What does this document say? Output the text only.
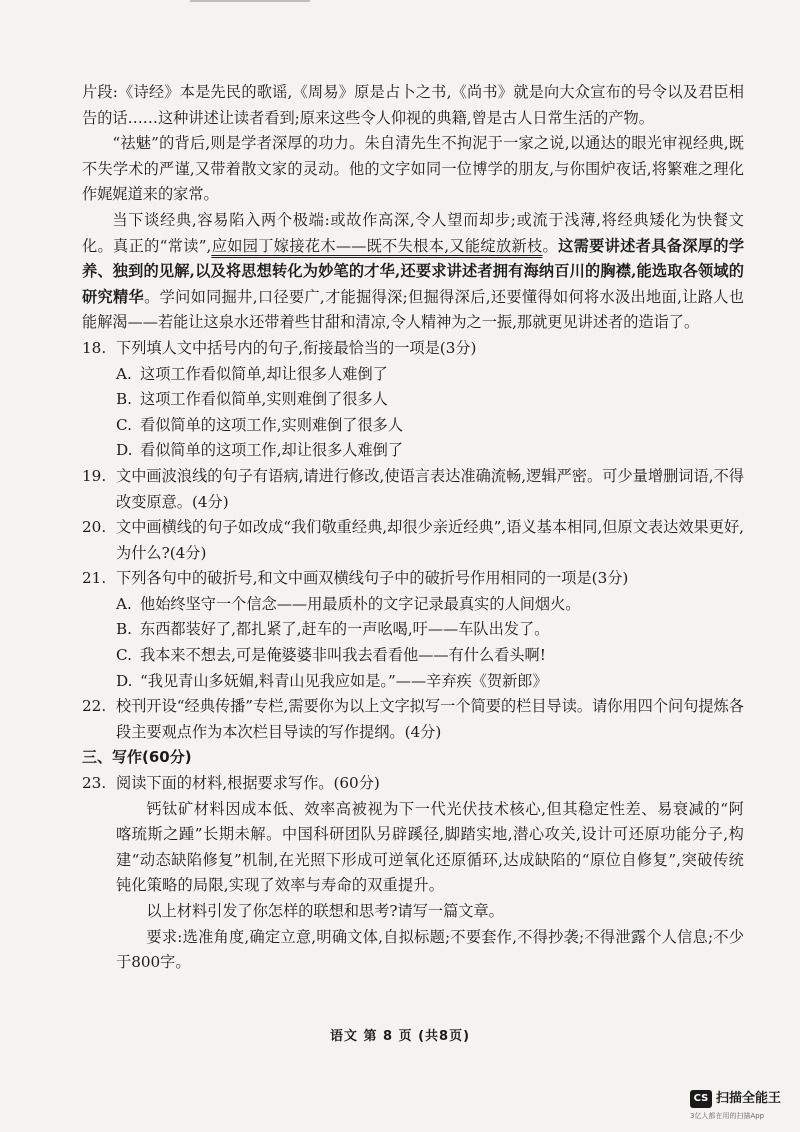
片段:《诗经》本是先民的歌谣,《周易》原是占卜之书,《尚书》就是向大众宣布的号令以及君臣相告的话……这种讲述让读者看到;原来这些令人仰视的典籍,曾是古人日常生活的产物。

“祛魅”的背后,则是学者深厚的功力。朱自清先生不拘泥于一家之说,以通达的眼光审视经典,既不失学术的严谨,又带着散文家的灵动。他的文字如同一位博学的朋友,与你围炉夜话,将繁难之理化作娓娓道来的家常。

当下谈经典,容易陷入两个极端:或故作高深,令人望而却步;或流于浅薄,将经典矮化为快餐文化。真正的“常读”,应如园丁嫁接花木——既不失根本,又能绽放新枝。这需要讲述者具备深厚的学养、独到的见解,以及将思想转化为妙笔的才华,还要求讲述者拥有海纳百川的胸襟,能选取各领域的研究精华。学问如同掘井,口径要广,才能掘得深;但掘得深后,还要懂得如何将水汲出地面,让路人也能解渴——若能让这泉水还带着些甘甜和清凉,令人精神为之一振,那就更见讲述者的造诣了。

18. 下列填人文中括号内的句子,衔接最恰当的一项是(3分)

A. 这项工作看似简单,却让很多人难倒了

B. 这项工作看似简单,实则难倒了很多人

C. 看似简单的这项工作,实则难倒了很多人

D. 看似简单的这项工作,却让很多人难倒了

19. 文中画波浪线的句子有语病,请进行修改,使语言表达准确流畅,逻辑严密。可少量增删词语,不得改变原意。(4分)
20. 文中画横线的句子如改成“我们敬重经典,却很少亲近经典”,语义基本相同,但原文表达效果更好,为什么?(4分)
21. 下列各句中的破折号,和文中画双横线句子中的破折号作用相同的一项是(3分)

A. 他始终坚守一个信念——用最质朴的文字记录最真实的人间烟火。

B. 东西都装好了,都扎紧了,赶车的一声吆喝,吁——车队出发了。

C. 我本来不想去,可是俺婆婆非叫我去看看他——有什么看头啊!

D. “我见青山多妩媚,料青山见我应如是。”——辛弃疾《贺新郎》

22. 校刊开设“经典传播”专栏,需要你为以上文字拟写一个简要的栏目导读。请你用四个问句提炼各段主要观点作为本次栏目导读的写作提纲。(4分)

三、写作(60分)

23. 阅读下面的材料,根据要求写作。(60分)

钙钛矿材料因成本低、效率高被视为下一代光伏技术核心,但其稳定性差、易衰减的“阿喀琉斯之踵”长期未解。中国科研团队另辟蹊径,脚踏实地,潜心攻关,设计可还原功能分子,构建“动态缺陷修复”机制,在光照下形成可逆氧化还原循环,达成缺陷的“原位自修复”,突破传统钝化策略的局限,实现了效率与寿命的双重提升。

以上材料引发了你怎样的联想和思考?请写一篇文章。

要求:选准角度,确定立意,明确文体,自拟标题;不要套作,不得抄袭;不得泄露个人信息;不少于800字。

语文 第 8 页 (共8页)
CS 扫描全能王
3亿人都在用的扫描App
